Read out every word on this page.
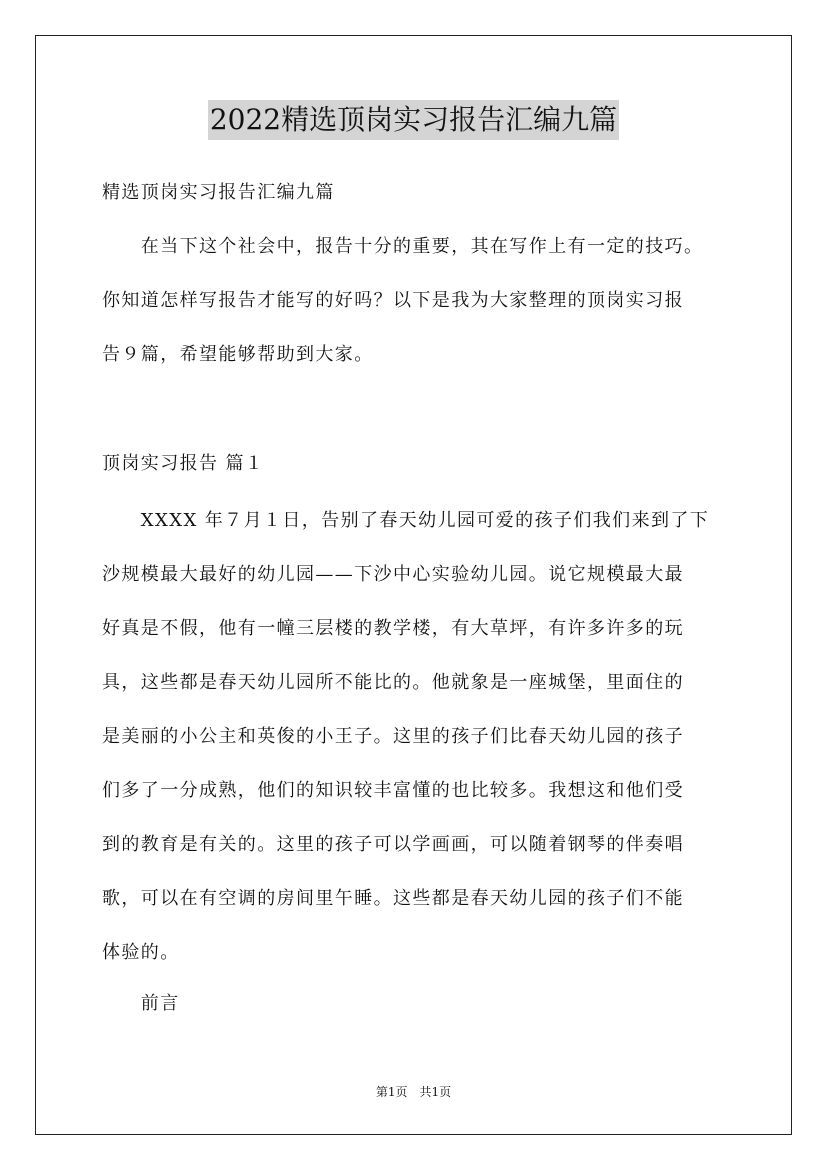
2022精选顶岗实习报告汇编九篇
精选顶岗实习报告汇编九篇
　　在当下这个社会中，报告十分的重要，其在写作上有一定的技巧。
你知道怎样写报告才能写的好吗？以下是我为大家整理的顶岗实习报
告９篇，希望能够帮助到大家。
顶岗实习报告 篇１
　　XXXX 年７月１日，告别了春天幼儿园可爱的孩子们我们来到了下
沙规模最大最好的幼儿园——下沙中心实验幼儿园。说它规模最大最
好真是不假，他有一幢三层楼的教学楼，有大草坪，有许多许多的玩
具，这些都是春天幼儿园所不能比的。他就象是一座城堡，里面住的
是美丽的小公主和英俊的小王子。这里的孩子们比春天幼儿园的孩子
们多了一分成熟，他们的知识较丰富懂的也比较多。我想这和他们受
到的教育是有关的。这里的孩子可以学画画，可以随着钢琴的伴奏唱
歌，可以在有空调的房间里午睡。这些都是春天幼儿园的孩子们不能
体验的。
　　前言
第1页　共1页
